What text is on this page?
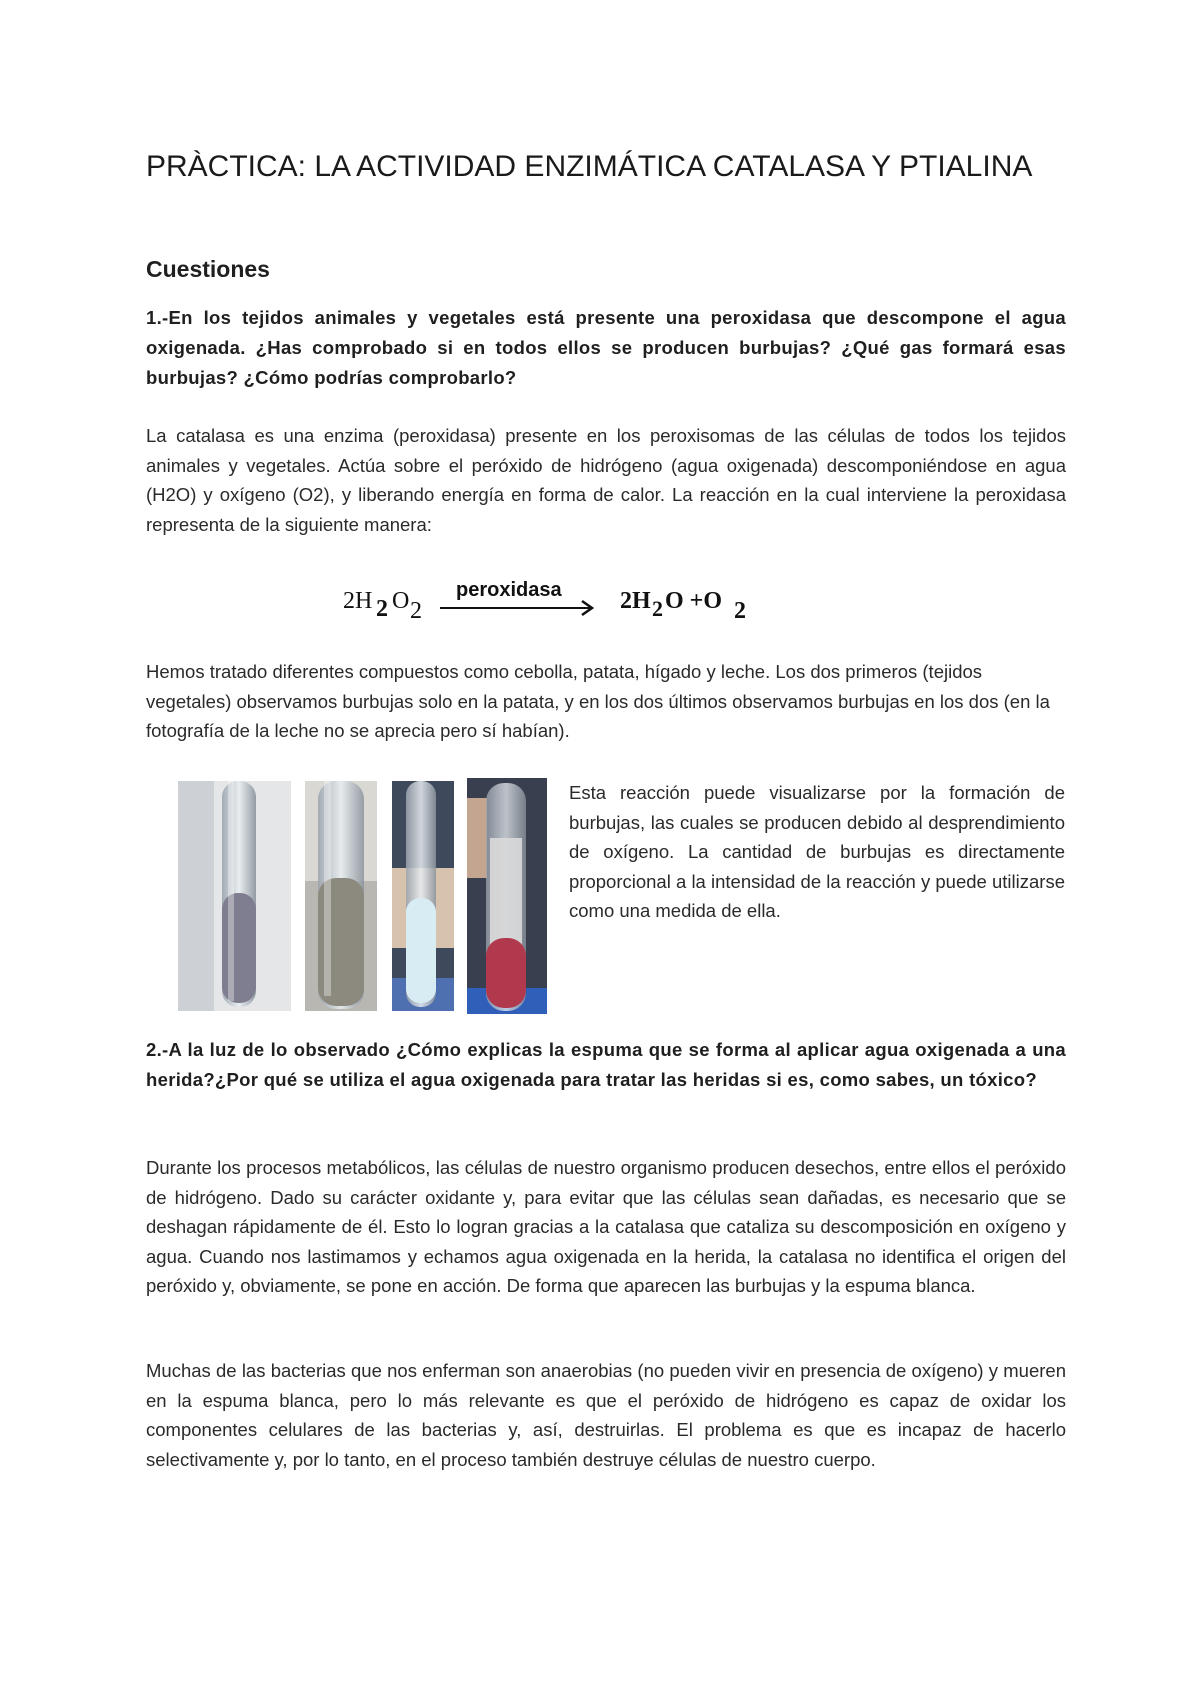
PRÀCTICA: LA ACTIVIDAD ENZIMÁTICA CATALASA Y PTIALINA
Cuestiones

1.-En los tejidos animales y vegetales está presente una peroxidasa que descompone el agua oxigenada. ¿Has comprobado si en todos ellos se producen burbujas? ¿Qué gas formará esas burbujas? ¿Cómo podrías comprobarlo?

La catalasa es una enzima (peroxidasa) presente en los peroxisomas de las células de todos los tejidos animales y vegetales. Actúa sobre el peróxido de hidrógeno (agua oxigenada) descomponiéndose en agua (H2O) y oxígeno (O2), y liberando energía en forma de calor. La reacción en la cual interviene la peroxidasa representa de la siguiente manera:

2H 2 O 2
peroxidasa 2H 2 O +O 2

Hemos tratado diferentes compuestos como cebolla, patata, hígado y leche. Los dos primeros (tejidos vegetales) observamos burbujas solo en la patata, y en los dos últimos observamos burbujas en los dos (en la fotografía de la leche no se aprecia pero sí habían).

Esta reacción puede visualizarse por la formación de burbujas, las cuales se producen debido al desprendimiento de oxígeno. La cantidad de burbujas es directamente proporcional a la intensidad de la reacción y puede utilizarse como una medida de ella.

2.-A la luz de lo observado ¿Cómo explicas la espuma que se forma al aplicar agua oxigenada a una herida?¿Por qué se utiliza el agua oxigenada para tratar las heridas si es, como sabes, un tóxico?

Durante los procesos metabólicos, las células de nuestro organismo producen desechos, entre ellos el peróxido de hidrógeno. Dado su carácter oxidante y, para evitar que las células sean dañadas, es necesario que se deshagan rápidamente de él. Esto lo logran gracias a la catalasa que cataliza su descomposición en oxígeno y agua. Cuando nos lastimamos y echamos agua oxigenada en la herida, la catalasa no identifica el origen del peróxido y, obviamente, se pone en acción. De forma que aparecen las burbujas y la espuma blanca.

Muchas de las bacterias que nos enferman son anaerobias (no pueden vivir en presencia de oxígeno) y mueren en la espuma blanca, pero lo más relevante es que el peróxido de hidrógeno es capaz de oxidar los componentes celulares de las bacterias y, así, destruirlas. El problema es que es incapaz de hacerlo selectivamente y, por lo tanto, en el proceso también destruye células de nuestro cuerpo.
